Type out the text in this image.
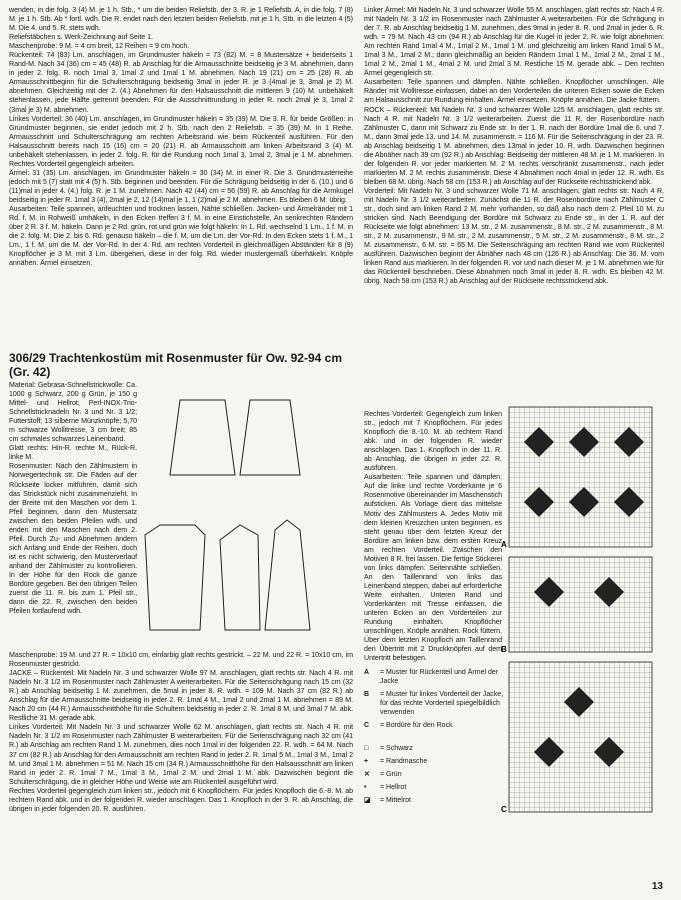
wenden, in die folg. 3 (4) M. je 1 h. Stb., * um die beiden Reliefstb. der 3. R. je 1 Reliefstb. A, in die folg. 7 (8) M. je 1 h. Stb. Ab * fortl. wdh. Die R. endet nach den letzten beiden Reliefstb. mit je 1 h. Stb. in die letzten 4 (5) M. Die 4. und 5. R. stets wdh.

Reliefstäbchen s. Werk-Zeichnung auf Seite 1.

Maschenprobe: 9 M. = 4 cm breit, 12 Reihen = 9 cm hoch.

Rückenteil: 74 (83) Lm. anschlagen, im Grundmuster häkeln = 73 (82) M. = 8 Mustersätze + beiderseits 1 Rand-M. Nach 34 (36) cm = 45 (48) R. ab Anschlag für die Armausschnitte beidseitig je 3 M. abnehmen, dann in jeder 2. folg. R. noch 1mal 3, 1mal 2 und 1mal 1 M. abnehmen. Nach 19 (21) cm = 25 (28) R. ab Armausschnittbeginn für die Schulterschrägung beidseitig 3mal in jeder R. je 3 (4mal je 3, 3mal je 2) M. abnehmen. Gleichzeitig mit der 2. (4.) Abnehmen für den Halsausschnitt die mittleren 9 (10) M. unbehäkelt stehenlassen, jede Hälfte getrennt beenden. Für die Ausschnittrundung in jeder R. noch 2mal je 3, 1mal 2 (3mal je 3) M. abnehmen.

Linkes Vorderteil: 36 (40) Lm. anschlagen, im Grundmuster häkeln = 35 (39) M. Die 3. R. für beide Größen: in Grundmuster beginnen, sie endet jedoch mit 2 h. Stb. nach den 2 Reliefstb. = 35 (39) M. In 1 Reihe. Armausschnitt und Schulterschrägung am rechten Arbeitsrand wie beim Rückenteil ausführen. Für den Halsausschnitt bereits nach 15 (16) cm = 20 (21) R. ab Armausschnitt am linken Arbeitsrand 3 (4) M. unbehäkelt stehenlassen, in jeder 2. folg. R. für die Rundung noch 1mal 3, 1mal 2, 3mal je 1 M. abnehmen. Rechtes Vorderteil gegengleich arbeiten.

Ärmel: 31 (35) Lm. anschlagen, im Grundmuster häkeln = 30 (34) M. in einer R. Die 3. Grundmusterreihe jedoch mit 5 (7) statt mit 4 (5) h. Stb. beginnen und beenden. Für die Schrägung beidseitig in der 6. (10.) und 6 (11)mal in jeder 4. (4.) folg. R. je 1 M. zunehmen. Nach 42 (44) cm = 56 (59) R. ab Anschlag für die Armkugel beidseitig in jeder R. 1mal 3 (4), 2mal je 2, 12 (14)mal je 1, 1 (2)mal je 2 M. abnehmen. Es bleiben 6 M. übrig.

Ausarbeiten: Teile spannen, anfeuchten und trocknen lassen, Nähte schließen. Jacken- und Ärmelränder mit 1 Rd. f. M. in Rohweiß umhäkeln, in den Ecken treffen 3 f. M. in eine Einstichstelle. An senkrechten Rändern über 2 R. 3 f. M. häkeln. Dann je 2 Rd. grün, rot und grün wie folgt häkeln: In 1. Rd. wechselnd 1 Lm., 1 f. M. in die 2. folg. M. Die 2. bis 6. Rd. genauso häkeln – die f. M. um die Lm. der Vor-Rd. In den Ecken stets 1 f. M., 1 Lm., 1 f. M. um die M. der Vor-Rd. In der 4. Rd. am rechten Vorderteil in gleichmäßigen Abständen für 8 (9) Knopflöcher je 3 M. mit 3 Lm. übergehen, diese in der folg. Rd. wieder mustergemäß überhäkeln. Knöpfe annähen. Ärmel einsetzen.

306/29 Trachtenkostüm mit Rosenmuster für Ow. 92-94 cm (Gr. 42)

Material: Gebrasa-Schnellstrickwolle: Ca. 1000 g Schwarz, 200 g Grün, je 150 g Mittel- und Hellrot; Perl-INOX-Trio-Schnellstricknadeln Nr. 3 und Nr. 3 1/2; Futterstoff; 13 silberne Münzknöpfe; 5,70 m schwarze Wollitresse, 3 cm breit; 85 cm schmales schwarzes Leinenband.

Glatt rechts: Hin-R. rechte M., Rück-R. linke M.

Rosenmuster: Nach den Zählmustern in Norwegertechnik str. Die Fäden auf der Rückseite locker mitführen, damit sich das Strickstück nicht zusammenzieht. In der Breite mit den Maschen vor dem 1. Pfeil beginnen, dann den Mustersatz zwischen den beiden Pfeilen wdh. und enden mit den Maschen nach dem 2. Pfeil. Durch Zu- und Abnehmen ändern sich Anfang und Ende der Reihen, doch ist es nicht schwierig, den Musterverlauf anhand der Zählmuster zu kontrollieren. In der Höhe für den Rock die ganze Bordüre gegeben. Bei den übrigen Teilen zuerst die 11. R. bis zum 1. Pfeil str., dann die 22. R. zwischen den beiden Pfeilen fortlaufend wdh.

Maschenprobe: 19 M. und 27 R. = 10x10 cm, einfarbig glatt rechts gestrickt. – 22 M. und 22 R. = 10x10 cm, im Rosenmuster gestrickt.

JACKE – Rückenteil: Mit Nadeln Nr. 3 und schwarzer Wolle 97 M. anschlagen, glatt rechts str. Nach 4 R. mit Nadeln Nr. 3 1/2 im Rosenmuster nach Zählmuster A weiterarbeiten. Für die Seitenschrägung nach 15 cm (32 R.) ab Anschlag beidseitig 1 M. zunehmen, die 5mal in jeder 8. R. wdh. = 109 M. Nach 37 cm (82 R.) ab Anschlag für die Armausschnitte beidseitig in jeder 2. R. 1mal 4 M., 1mal 2 und 2mal 1 M. abnehmen = 89 M. Nach 20 cm (44 R.) Armausschnitthöhe für die Schultern beidseitig in jeder 2. R. 1mal 8 M. und 3mal 7 M. abk. Restliche 31 M. gerade abk.

Linkes Vorderteil: Mit Nadeln Nr. 3 und schwarzer Wolle 62 M. anschlagen, glatt rechts str. Nach 4 R. mit Nadeln Nr. 3 1/2 im Rosenmuster nach Zählmuster B weiterarbeiten. Für die Seitenschrägung nach 32 cm (41 R.) ab Anschlag am rechten Rand 1 M. zunehmen, dies noch 1mal in der folgenden 22. R. wdh. = 64 M. Nach 37 cm (82 R.) ab Anschlag für den Armausschnitt am rechten Rand in jeder 2. R. 1mal 5 M., 1mal 3 M., 1mal 2 M. und 3mal 1 M. abnehmen = 51 M. Nach 15 cm (34 R.) Armausschnitthöhe für den Halsausschnitt am linken Rand in jeder 2. R. 1mal 7 M., 1mal 3 M., 1mal 2 M. und 2mal 1 M. abk. Dazwischen beginnt die Schulterschrägung, die in gleicher Höhe und Weise wie am Rückenteil ausgeführt wird.

Rechtes Vorderteil gegengleich zum linken str., jedoch mit 6 Knopflöchern. Für jedes Knopfloch die 6.-8. M. ab rechtem Rand abk. und in der folgenden R. wieder anschlagen. Das 1. Knopfloch in der 9. R. ab Anschlag, die übrigen in jeder folgenden 20. R. ausführen.

Linker Ärmel: Mit Nadeln Nr. 3 und schwarzer Wolle 55 M. anschlagen, glatt rechts str. Nach 4 R. mit Nadeln Nr. 3 1/2 im Rosenmuster nach Zählmuster A weiterarbeiten. Für die Schrägung in der 7. R. ab Anschlag beidseitig 1 M. zunehmen, dies 9mal in jeder 8. R. und 2mal in jeder 6. R. wdh. = 79 M. Nach 43 cm (94 R.) ab Anschlag für die Kugel in jeder 2. R. wie folgt abnehmen: Am rechten Rand 1mal 4 M., 1mal 2 M., 1mal 1 M. und gleichzeitig am linken Rand 1mal 5 M., 1mal 3 M., 1mal 2 M.; dann gleichmäßig an beiden Rändern 1mal 1 M., 1mal 2 M., 2mal 1 M., 1mal 2 M., 2mal 1 M., 4mal 2 M. und 2mal 3 M. Restliche 15 M. gerade abk. – Den rechten Ärmel gegengleich str.

Ausarbeiten: Teile spannen und dämpfen. Nähte schließen. Knopflöcher umschlingen. Alle Ränder mit Wolltresse einfassen, dabei an den Vorderteilen die unteren Ecken sowie die Ecken am Halsausschnitt zur Rundung einhalten. Ärmel einsetzen. Knöpfe annähen. Die Jacke füttern.

ROCK – Rückenteil: Mit Nadeln Nr. 3 und schwarzer Wolle 125 M. anschlagen, glatt rechts str. Nach 4 R. mit Nadeln Nr. 3 1/2 weiterarbeiten. Zuerst die 11 R. der Rosenbordüre nach Zählmuster C, dann mit Schwarz zu Ende str. In der 1. R. nach der Bordüre 1mal die 6. und 7. M., dann 3mal jede 13. und 14. M. zusammenstr. = 116 M. Für die Seitenschrägung in der 23. R. ab Anschlag beidseitig 1 M. abnehmen, dies 13mal in jeder 10. R. wdh. Dazwischen beginnen die Abnäher nach 39 cm (92 R.) ab Anschlag: Beidseitig der mittleren 48 M. je 1 M. markieren. In der folgenden R. vor jeder markierten M. 2 M. rechts verschränkt zusammenstr., nach jeder markierten M. 2 M. rechts zusammenstr. Diese 4 Abnahmen noch 4mal in jeder 12. R. wdh. Es bleiben 68 M. übrig. Nach 58 cm (153 R.) ab Anschlag auf der Rückseite rechtsstrickend abk.

Vorderteil: Mit Nadeln Nr. 3 und schwarzer Wolle 71 M. anschlagen, glatt rechts str. Nach 4 R. mit Nadeln Nr. 3 1/2 weiterarbeiten. Zunächst die 11 R. der Rosenbordüre nach Zählmuster C str., doch sind am linken Rand 2 M. mehr vorhanden, so daß also nach dem 2. Pfeil 10 M. zu stricken sind. Nach Beendigung der Bordüre mit Schwarz zu Ende str., in der 1. R. auf der Rückseite wie folgt abnehmen: 13 M. str., 2 M. zusammenstr., 8 M. str., 2 M. zusammenstr., 8 M. str., 2 M. zusammenstr., 9 M. str., 2 M. zusammenstr., 5 M. str., 2 M. zusammenstr., 8 M. str., 2 M. zusammenstr., 6 M. str. = 65 M. Die Seitenschrägung am rechten Rand wie vom Rückenteil ausführen. Dazwischen beginnt der Abnäher nach 48 cm (126 R.) ab Anschlag: Die 36. M. vom linken Rand aus markieren. In der folgenden R. vor und nach dieser M. je 1 M. abnehmen wie für das Rückenteil beschrieben. Diese Abnahmen noch 3mal in jeder 8. R. wdh. Es bleiben 42 M. übrig. Nach 58 cm (153 R.) ab Anschlag auf der Rückseite rechtsstrickend abk.

Rechtes Vorderteil: Gegengleich zum linken str., jedoch mit 7 Knopflöchern. Für jedes Knopfloch die 8.-10. M. ab rechtem Rand abk. und in der folgenden R. wieder anschlagen. Das 1. Knopfloch in der 11. R. ab Anschlag, die übrigen in jeder 22. R. ausführen.

Ausarbeiten: Teile spannen und dämpfen. Auf die linke und rechte Vorderkante je 6 Rosenmotive übereinander im Maschenstich aufsticken. Als Vorlage dient das mittelste Motiv des Zählmusters A. Jedes Motiv mit dem kleinen Kreuzchen unten beginnen, es steht genau über dem letzten Kreuz der Bordüre am linken bzw. dem ersten Kreuz am rechten Vorderteil. Zwischen den Motiven 8 R. frei lassen. Die fertige Stickerei von links dämpfen. Seitennähte schließen. An den Taillenrand von links das Leinenband steppen, dabei auf erforderliche Weite einhalten. Unteren Rand und Vorderkanten mit Tresse einfassen, die unteren Ecken an den Vorderteilen zur Rundung einhalten. Knopflöcher umschlingen. Knöpfe annähen. Rock füttern. Über dem letzten Knopfloch am Taillenrand den Übertritt mit 2 Druckknöpfen auf dem Untertritt befestigen.

A
B
C
A	= Muster für Rückenteil und Ärmel der Jacke
B	= Muster für linkes Vorderteil der Jacke, für das rechte Vorderteil spiegelbildlich verwenden
C	= Bordüre für den Rock
□	= Schwarz
+	= Randmasche
✕	= Grün
•	= Hellrot
◪	= Mittelrot
13
